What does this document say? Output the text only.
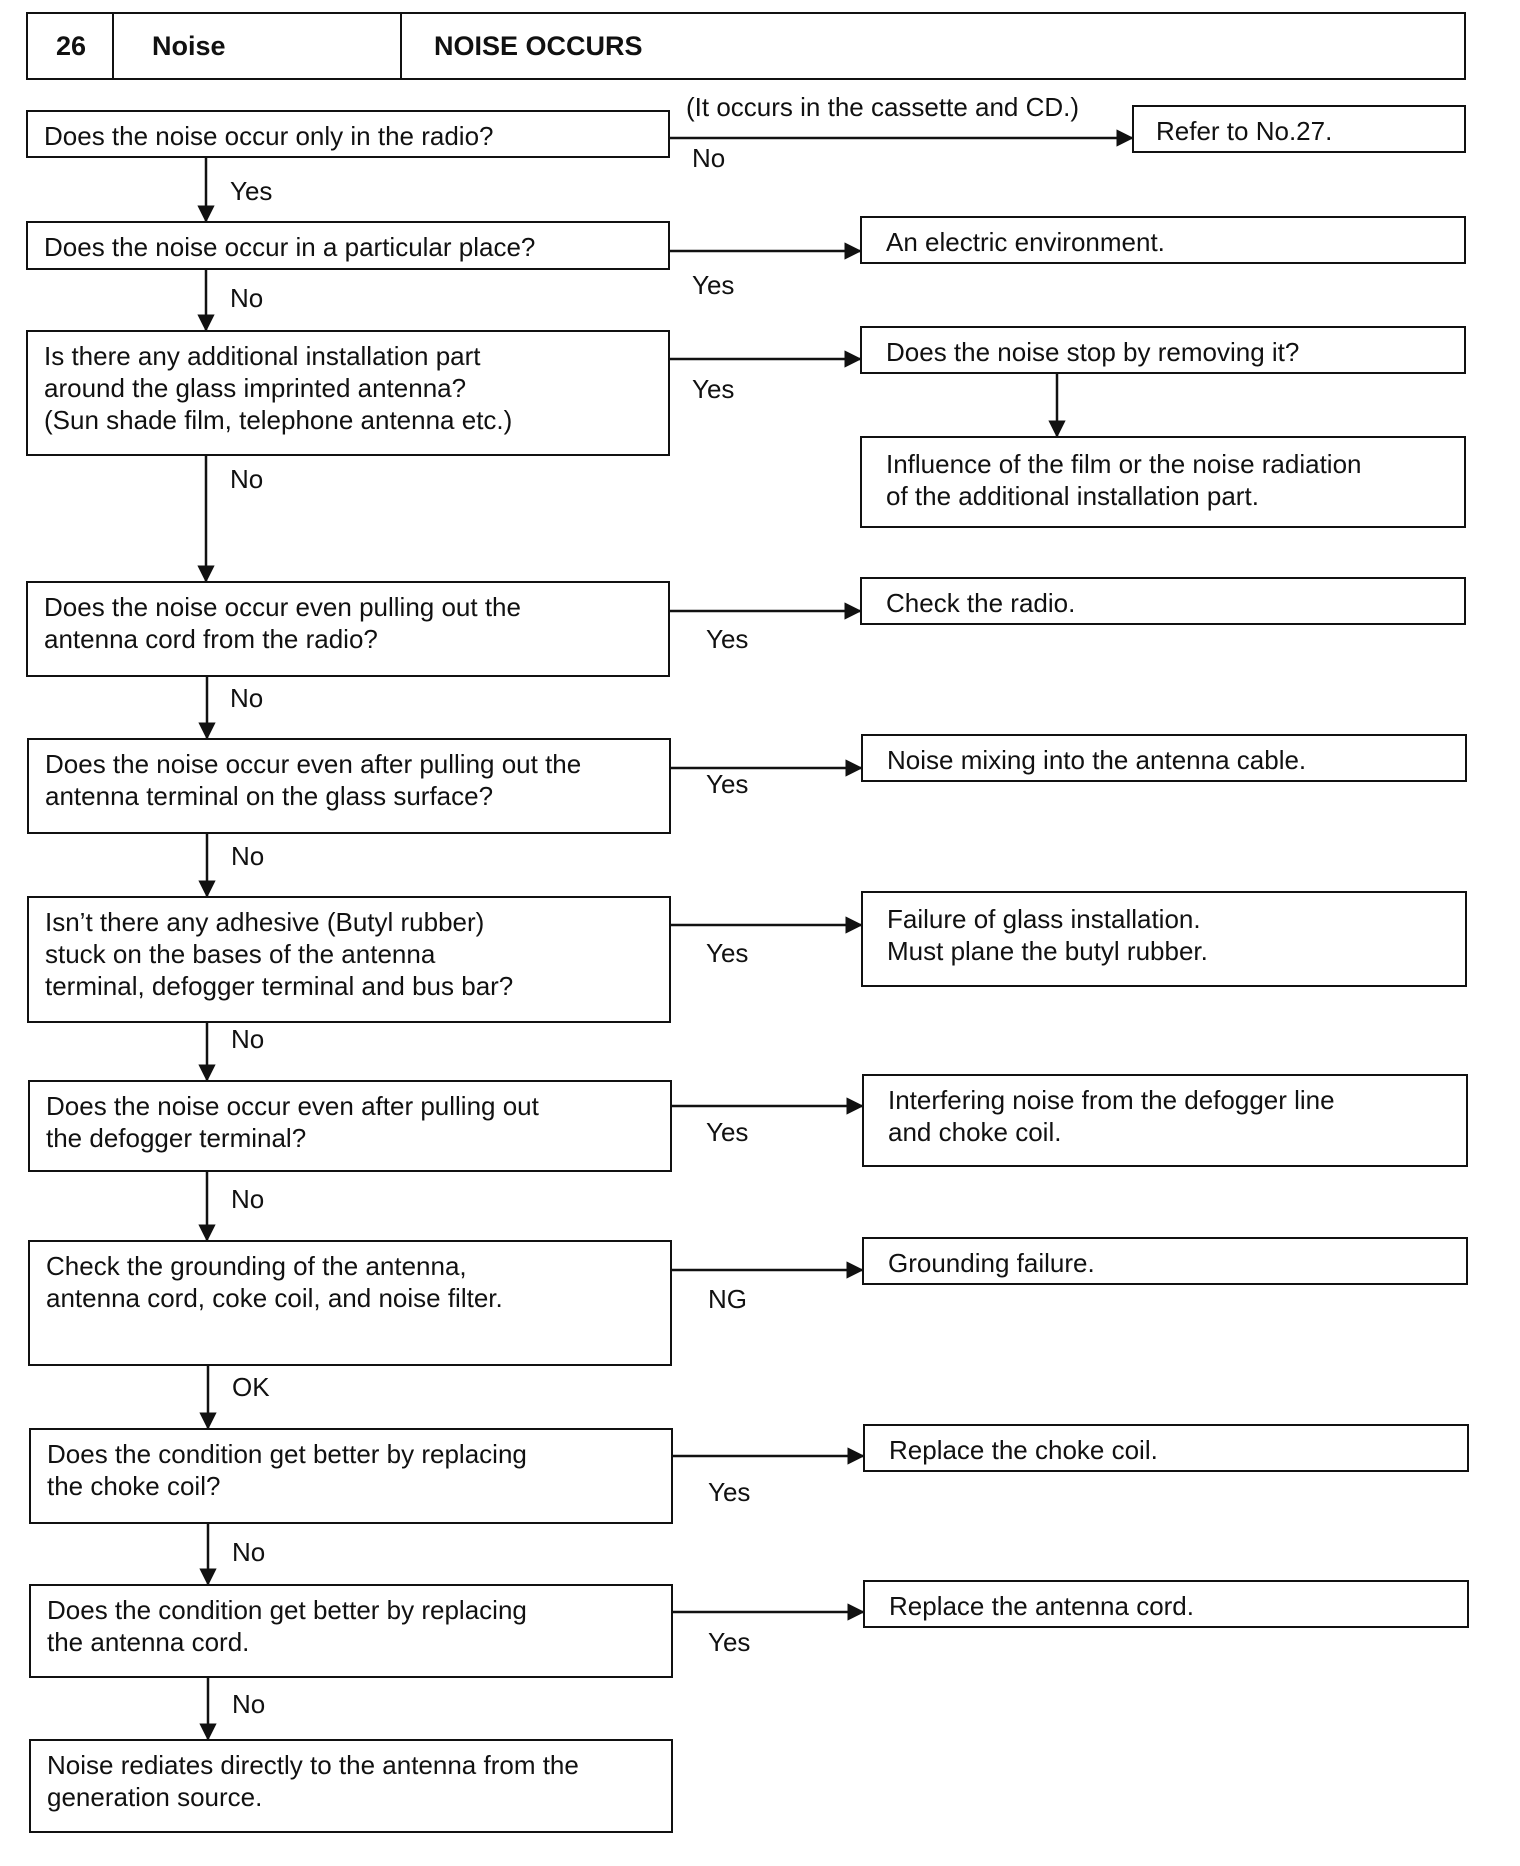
26	Noise	NOISE OCCURS
Does the noise occur only in the radio?
(It occurs in the cassette and CD.)
No
Refer to No.27.
Yes
Does the noise occur in a particular place?
Yes
An electric environment.
No
Is there any additional installation part
around the glass imprinted antenna?
(Sun shade film, telephone antenna etc.)
Yes
Does the noise stop by removing it?
Influence of the film or the noise radiation
of the additional installation part.
No
Does the noise occur even pulling out the
antenna cord from the radio?	Yes
Check the radio.
No
Does the noise occur even after pulling out the
antenna terminal on the glass surface?	Yes
Noise mixing into the antenna cable.
No
Isn’t there any adhesive (Butyl rubber)
stuck on the bases of the antenna
terminal, defogger terminal and bus bar?
Yes
Failure of glass installation.
Must plane the butyl rubber.
No
Does the noise occur even after pulling out
the defogger terminal?	Yes
Interfering noise from the defogger line
and choke coil.
No
Check the grounding of the antenna,
antenna cord, coke coil, and noise filter.	NG
Grounding failure.
OK
Does the condition get better by replacing
the choke coil?	Yes
Replace the choke coil.
No
Does the condition get better by replacing
the antenna cord.	Yes
Replace the antenna cord.
No
Noise rediates directly to the antenna from the
generation source.
